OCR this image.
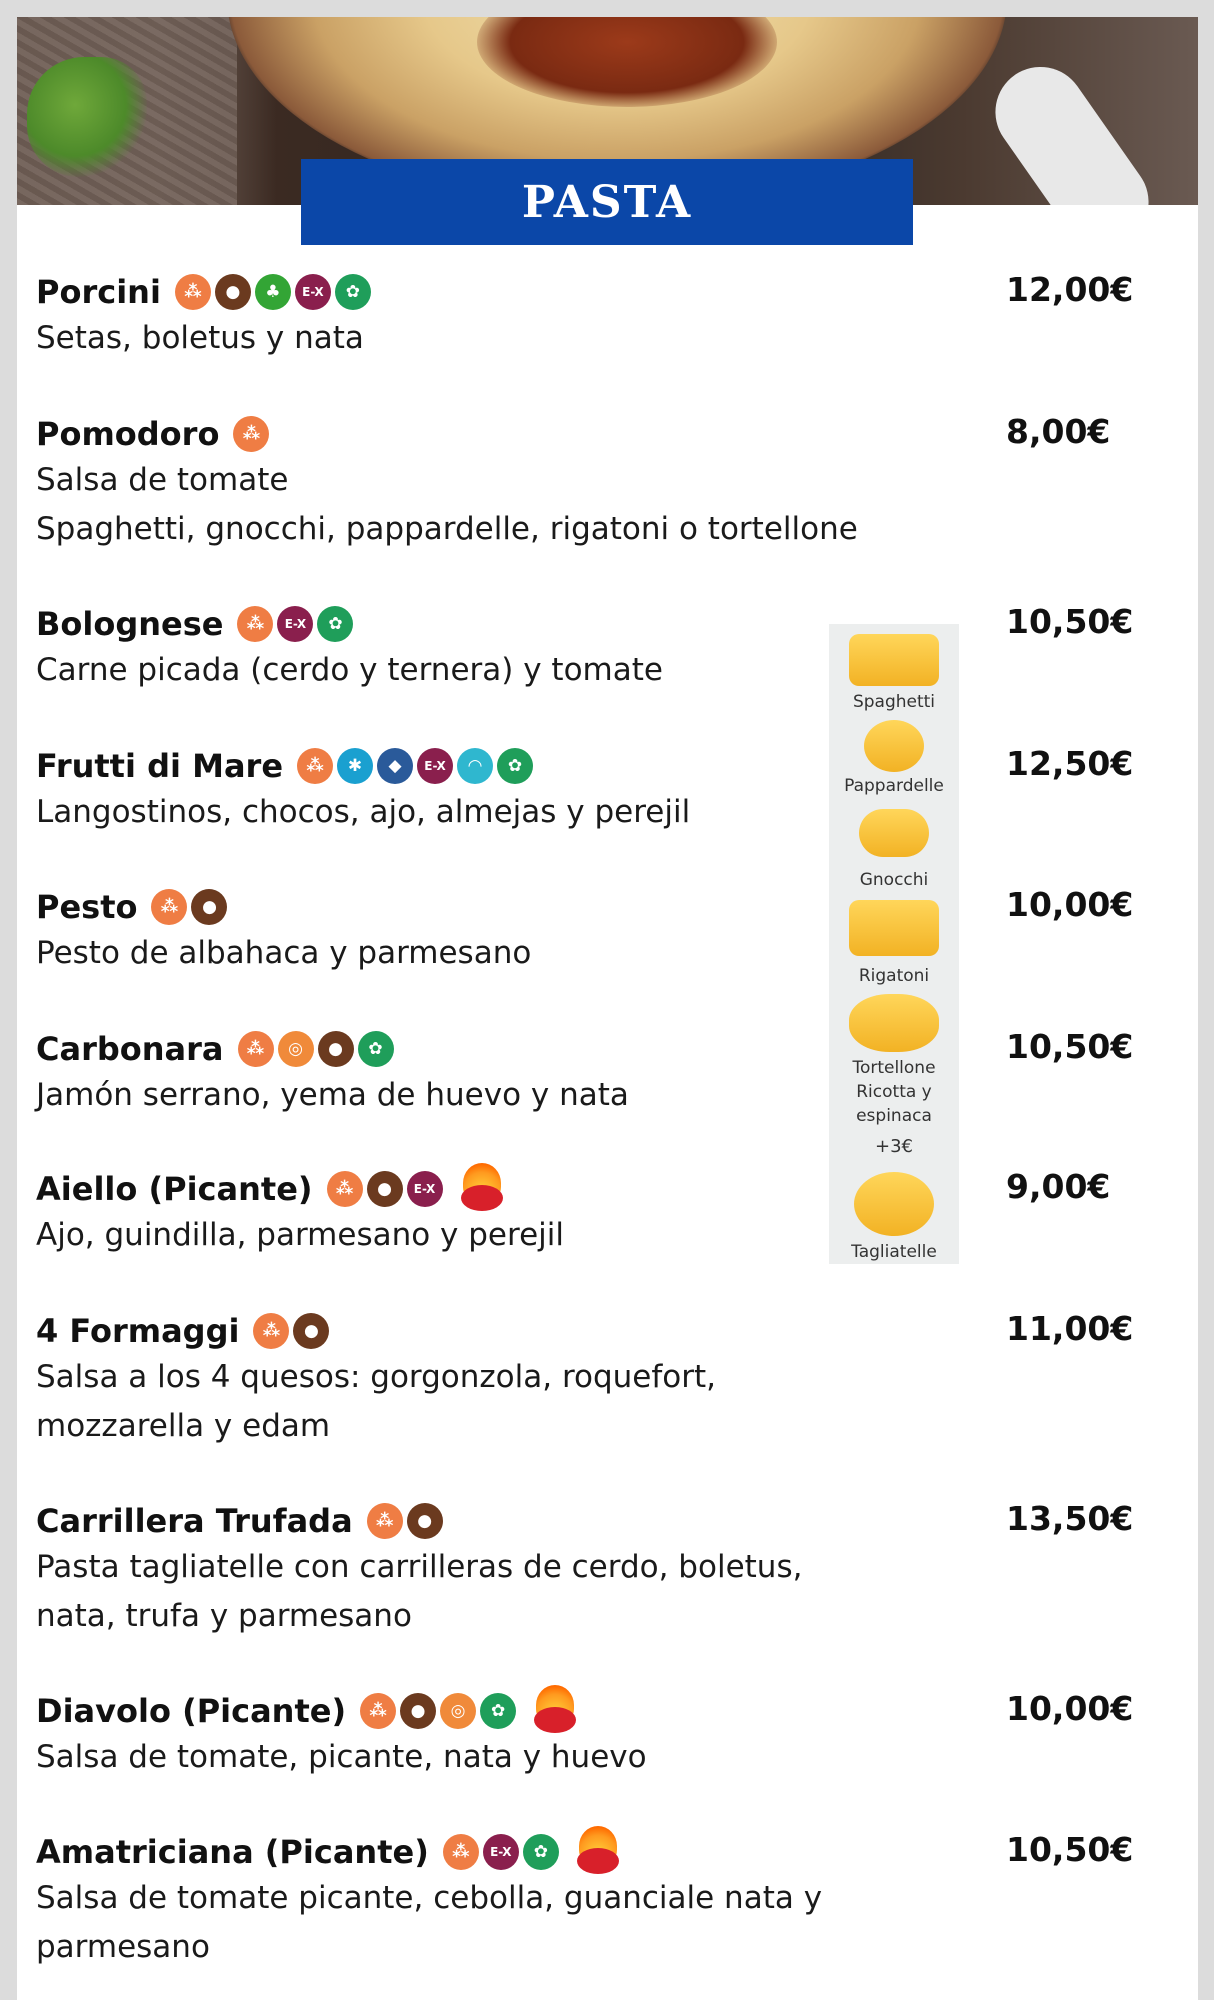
PASTA
Porcini	⁂	●	♣	E-X	✿
Setas, boletus y nata
12,00€
Pomodoro	⁂
Salsa de tomate
Spaghetti, gnocchi, pappardelle, rigatoni o tortellone
8,00€
Bolognese	⁂	E-X	✿
Carne picada (cerdo y ternera) y tomate
10,50€
Frutti di Mare	⁂	✱	◆	E-X	◠	✿
Langostinos, chocos, ajo, almejas y perejil
12,50€
Pesto	⁂	●
Pesto de albahaca y parmesano
10,00€
Carbonara	⁂	◎	●	✿
Jamón serrano, yema de huevo y nata
10,50€
Aiello (Picante)	⁂	●	E-X
Ajo, guindilla, parmesano y perejil
9,00€
4 Formaggi	⁂	●
Salsa a los 4 quesos: gorgonzola, roquefort,
mozzarella y edam
11,00€
Carrillera Trufada	⁂	●
Pasta tagliatelle con carrilleras de cerdo, boletus,
nata, trufa y parmesano
13,50€
Diavolo (Picante)	⁂	●	◎	✿
Salsa de tomate, picante, nata y huevo
10,00€
Amatriciana (Picante)	⁂	E-X	✿
Salsa de tomate picante, cebolla, guanciale nata y
parmesano
10,50€
Spaghetti
Pappardelle
Gnocchi
Rigatoni
Tortellone
Ricotta y
espinaca
+3€
Tagliatelle
